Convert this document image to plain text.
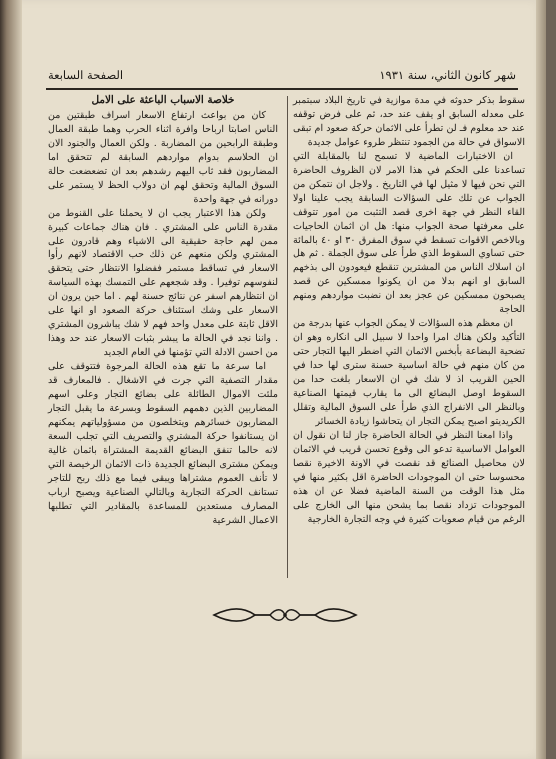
شهر كانون الثاني، سنة ١٩٣١
الصفحة السابعة

سقوط بذكر حدوثه في مدة موازية في تاريخ البلاد سبتمبر على معدله السابق او يقف عند حد، ثم على فرض توقفه عند حد معلوم فـ لن تطرأ على الاثمان حركة صعود ام تبقى الاسواق في حالة من الجمود تنتظر طروء عوامل جديدة

ان الاختبارات الماضية لا تسمح لنا بالمقابلة التي تساعدنا على الحكم في هذا الامر لان الظروف الحاضرة التي نحن فيها لا مثيل لها في التاريخ . ولاجل ان نتمكن من الجواب عن تلك على السؤالات السابقة يجب علينا اولا القاء النظر في جهة اخرى قصد التثبت من امور تتوقف على معرفتها صحة الجواب منها: هل ان اثمان الحاجيات وبالاخص الاقوات تسقط في سوق المفرق ٣٠ او ٤٠ بالمائة حتى تساوي السقوط الذي طرأ على سوق الجملة . ثم هل ان اسلاك الناس من المشترين تنقطع فيعودون الى بذخهم السابق او انهم بدلا من ان يكونوا ممسكين عن قصد يصبحون ممسكين عن عجز بعد ان نضبت مواردهم ومنهم الحاجة

ان معظم هذه السؤالات لا يمكن الجواب عنها بدرجة من التأكيد ولكن هناك امرا واحدا لا سبيل الى انكاره وهو ان تضحية البضاعة بأبخس الاثمان التي اضطر اليها التجار حتى من كان منهم في حالة اساسية حسنة سترى لها حدا في الحين القريب اذ لا شك في ان الاسعار بلغت حدا من السقوط اوصل البضائع الى ما يقارب قيمتها الصناعية وبالنظر الى الانفراج الذي طرأ على السوق المالية وتقلل الكريديتو اصبح يمكن التجار ان يتحاشوا زيادة الخسائر

واذا امعنا النظر في الحالة الحاضرة جاز لنا ان نقول ان العوامل الاساسية تدعو الى وقوع تحسن قريب في الاثمان لان محاصيل الصنائع قد نقصت في الاونة الاخيرة نقصا محسوسا حتى ان الموجودات الحاضرة اقل بكثير منها في مثل هذا الوقت من السنة الماضية فضلا عن ان هذه الموجودات تزداد نقصا بما يشحن منها الى الخارج على الرغم من قيام صعوبات كثيرة في وجه التجارة الخارجية

خلاصة الاسباب الباعثة على الامل

كان من بواعث ارتفاع الاسعار اسراف طبقتين من الناس اصابتا ارباحا وافرة اثناء الحرب وهما طبقة العمال وطبقة الرابحين من المضاربة . ولكن العمال والجنود الان ان الحلاسم بدوام مواردهم السابقة لم تتحقق اما المضاربون فقد ثاب اليهم رشدهم بعد ان تضعضعت حالة السوق المالية وتحقق لهم ان دولاب الحظ لا يستمر على دورانه في جهة واحدة

ولكن هذا الاعتبار يجب ان لا يحملنا على القنوط من مقدرة الناس على المشتري . فان هناك جماعات كبيرة ممن لهم حاجة حقيقية الى الاشياء وهم قادرون على المشتري ولكن منعهم عن ذلك حب الاقتصاد لانهم رأوا الاسعار في تساقط مستمر ففضلوا الانتظار حتى يتحقق لنفوسهم توفيرا . وقد شجعهم على التمسك بهذه السياسة ان انتظارهم اسفر عن نتائج حسنة لهم . اما حين يرون ان الاسعار على وشك استئناف حركة الصعود او انها على الاقل ثابتة على معدل واحد فهم لا شك يباشرون المشتري . واننا نجد في الحالة ما يبشر بثبات الاسعار عند حد وهذا من احسن الادلة التي تؤمنها في العام الجديد

اما سرعة ما تقع هذه الحالة المرجوة فتتوقف على مقدار التصفية التي جرت في الاشغال . فالمعارف قد ملئت الاموال الطائلة على بضائع التجار وعلى اسهم المضاربين الذين دهمهم السقوط وبسرعة ما يقبل التجار المضاربون خسائرهم ويتخلصون من مسؤولياتهم يمكنهم ان يستانفوا حركة المشتري والتصريف التي تجلب السعة لانه حالما تنفق البضائع القديمة المشتراة باثمان غالية ويمكن مشترى البضائع الجديدة ذات الاثمان الرخيصة التي لا تأنف العموم مشتراها ويبقى فيما مع ذلك ربح للتاجر تستانف الحركة التجارية وبالتالي الصناعية ويصبح ارباب المصارف مستعدين للمساعدة بالمقادير التي تطلبها الاعمال الشرعية
